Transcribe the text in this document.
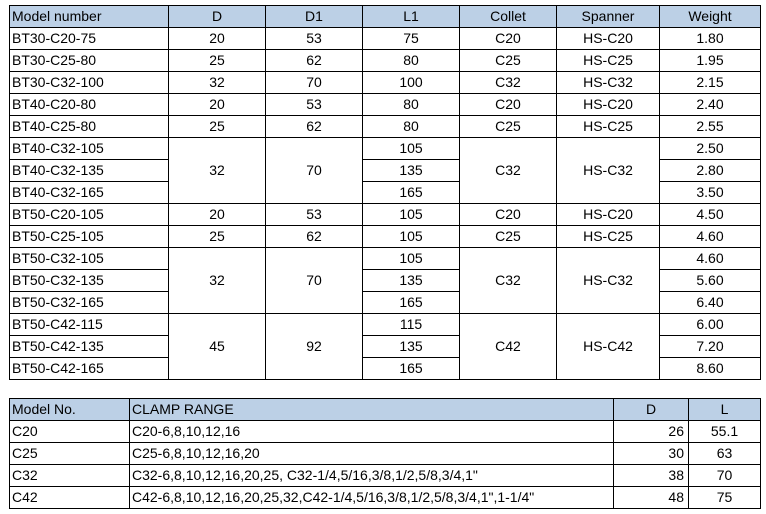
Model number	D	D1	L1	Collet	Spanner	Weight
BT30-C20-75	20	53	75	C20	HS-C20	1.80
BT30-C25-80	25	62	80	C25	HS-C25	1.95
BT30-C32-100	32	70	100	C32	HS-C32	2.15
BT40-C20-80	20	53	80	C20	HS-C20	2.40
BT40-C25-80	25	62	80	C25	HS-C25	2.55
BT40-C32-105	32	70	105	C32	HS-C32	2.50
BT40-C32-135			135			2.80
BT40-C32-165			165			3.50
BT50-C20-105	20	53	105	C20	HS-C20	4.50
BT50-C25-105	25	62	105	C25	HS-C25	4.60
BT50-C32-105	32	70	105	C32	HS-C32	4.60
BT50-C32-135			135			5.60
BT50-C32-165			165			6.40
BT50-C42-115	45	92	115	C42	HS-C42	6.00
BT50-C42-135			135			7.20
BT50-C42-165			165			8.60
Model No.	CLAMP RANGE	D	L
C20	C20-6,8,10,12,16	26	55.1
C25	C25-6,8,10,12,16,20	30	63
C32	C32-6,8,10,12,16,20,25, C32-1/4,5/16,3/8,1/2,5/8,3/4,1"	38	70
C42	C42-6,8,10,12,16,20,25,32,C42-1/4,5/16,3/8,1/2,5/8,3/4,1",1-1/4"	48	75
